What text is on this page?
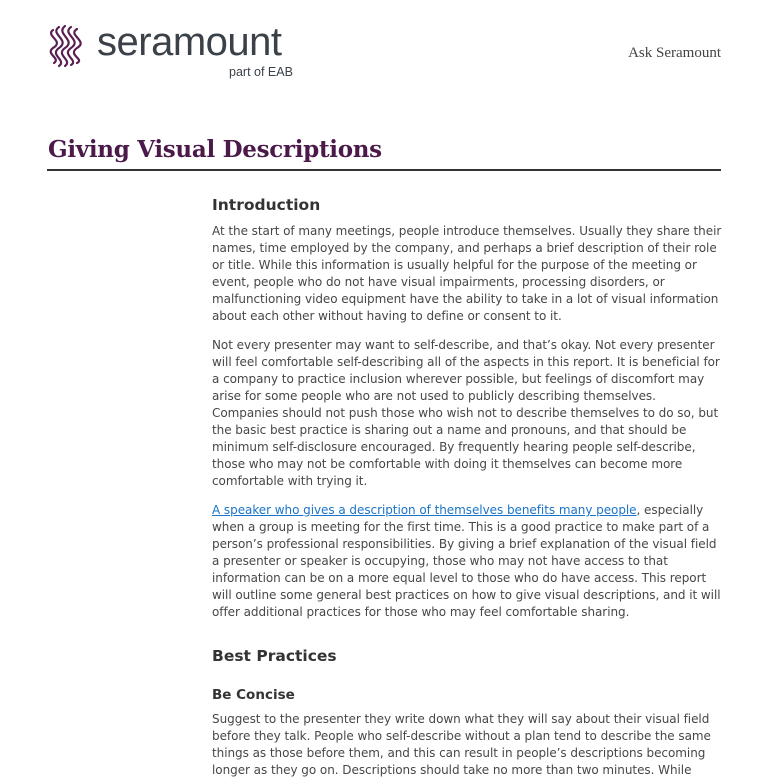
seramount
part of EAB
Ask Seramount
Giving Visual Descriptions
Introduction

At the start of many meetings, people introduce themselves. Usually they share their names, time employed by the company, and perhaps a brief description of their role or title. While this information is usually helpful for the purpose of the meeting or event, people who do not have visual impairments, processing disorders, or malfunctioning video equipment have the ability to take in a lot of visual information about each other without having to define or consent to it.

Not every presenter may want to self-describe, and that’s okay. Not every presenter will feel comfortable self-describing all of the aspects in this report. It is beneficial for a company to practice inclusion wherever possible, but feelings of discomfort may arise for some people who are not used to publicly describing themselves. Companies should not push those who wish not to describe themselves to do so, but the basic best practice is sharing out a name and pronouns, and that should be minimum self-disclosure encouraged. By frequently hearing people self-describe, those who may not be comfortable with doing it themselves can become more comfortable with trying it.

A speaker who gives a description of themselves benefits many people, especially when a group is meeting for the first time. This is a good practice to make part of a person’s professional responsibilities. By giving a brief explanation of the visual field a presenter or speaker is occupying, those who may not have access to that information can be on a more equal level to those who do have access. This report will outline some general best practices on how to give visual descriptions, and it will offer additional practices for those who may feel comfortable sharing.

Best Practices
Be Concise

Suggest to the presenter they write down what they will say about their visual field before they talk. People who self-describe without a plan tend to describe the same things as those before them, and this can result in people’s descriptions becoming longer as they go on. Descriptions should take no more than two minutes. While
